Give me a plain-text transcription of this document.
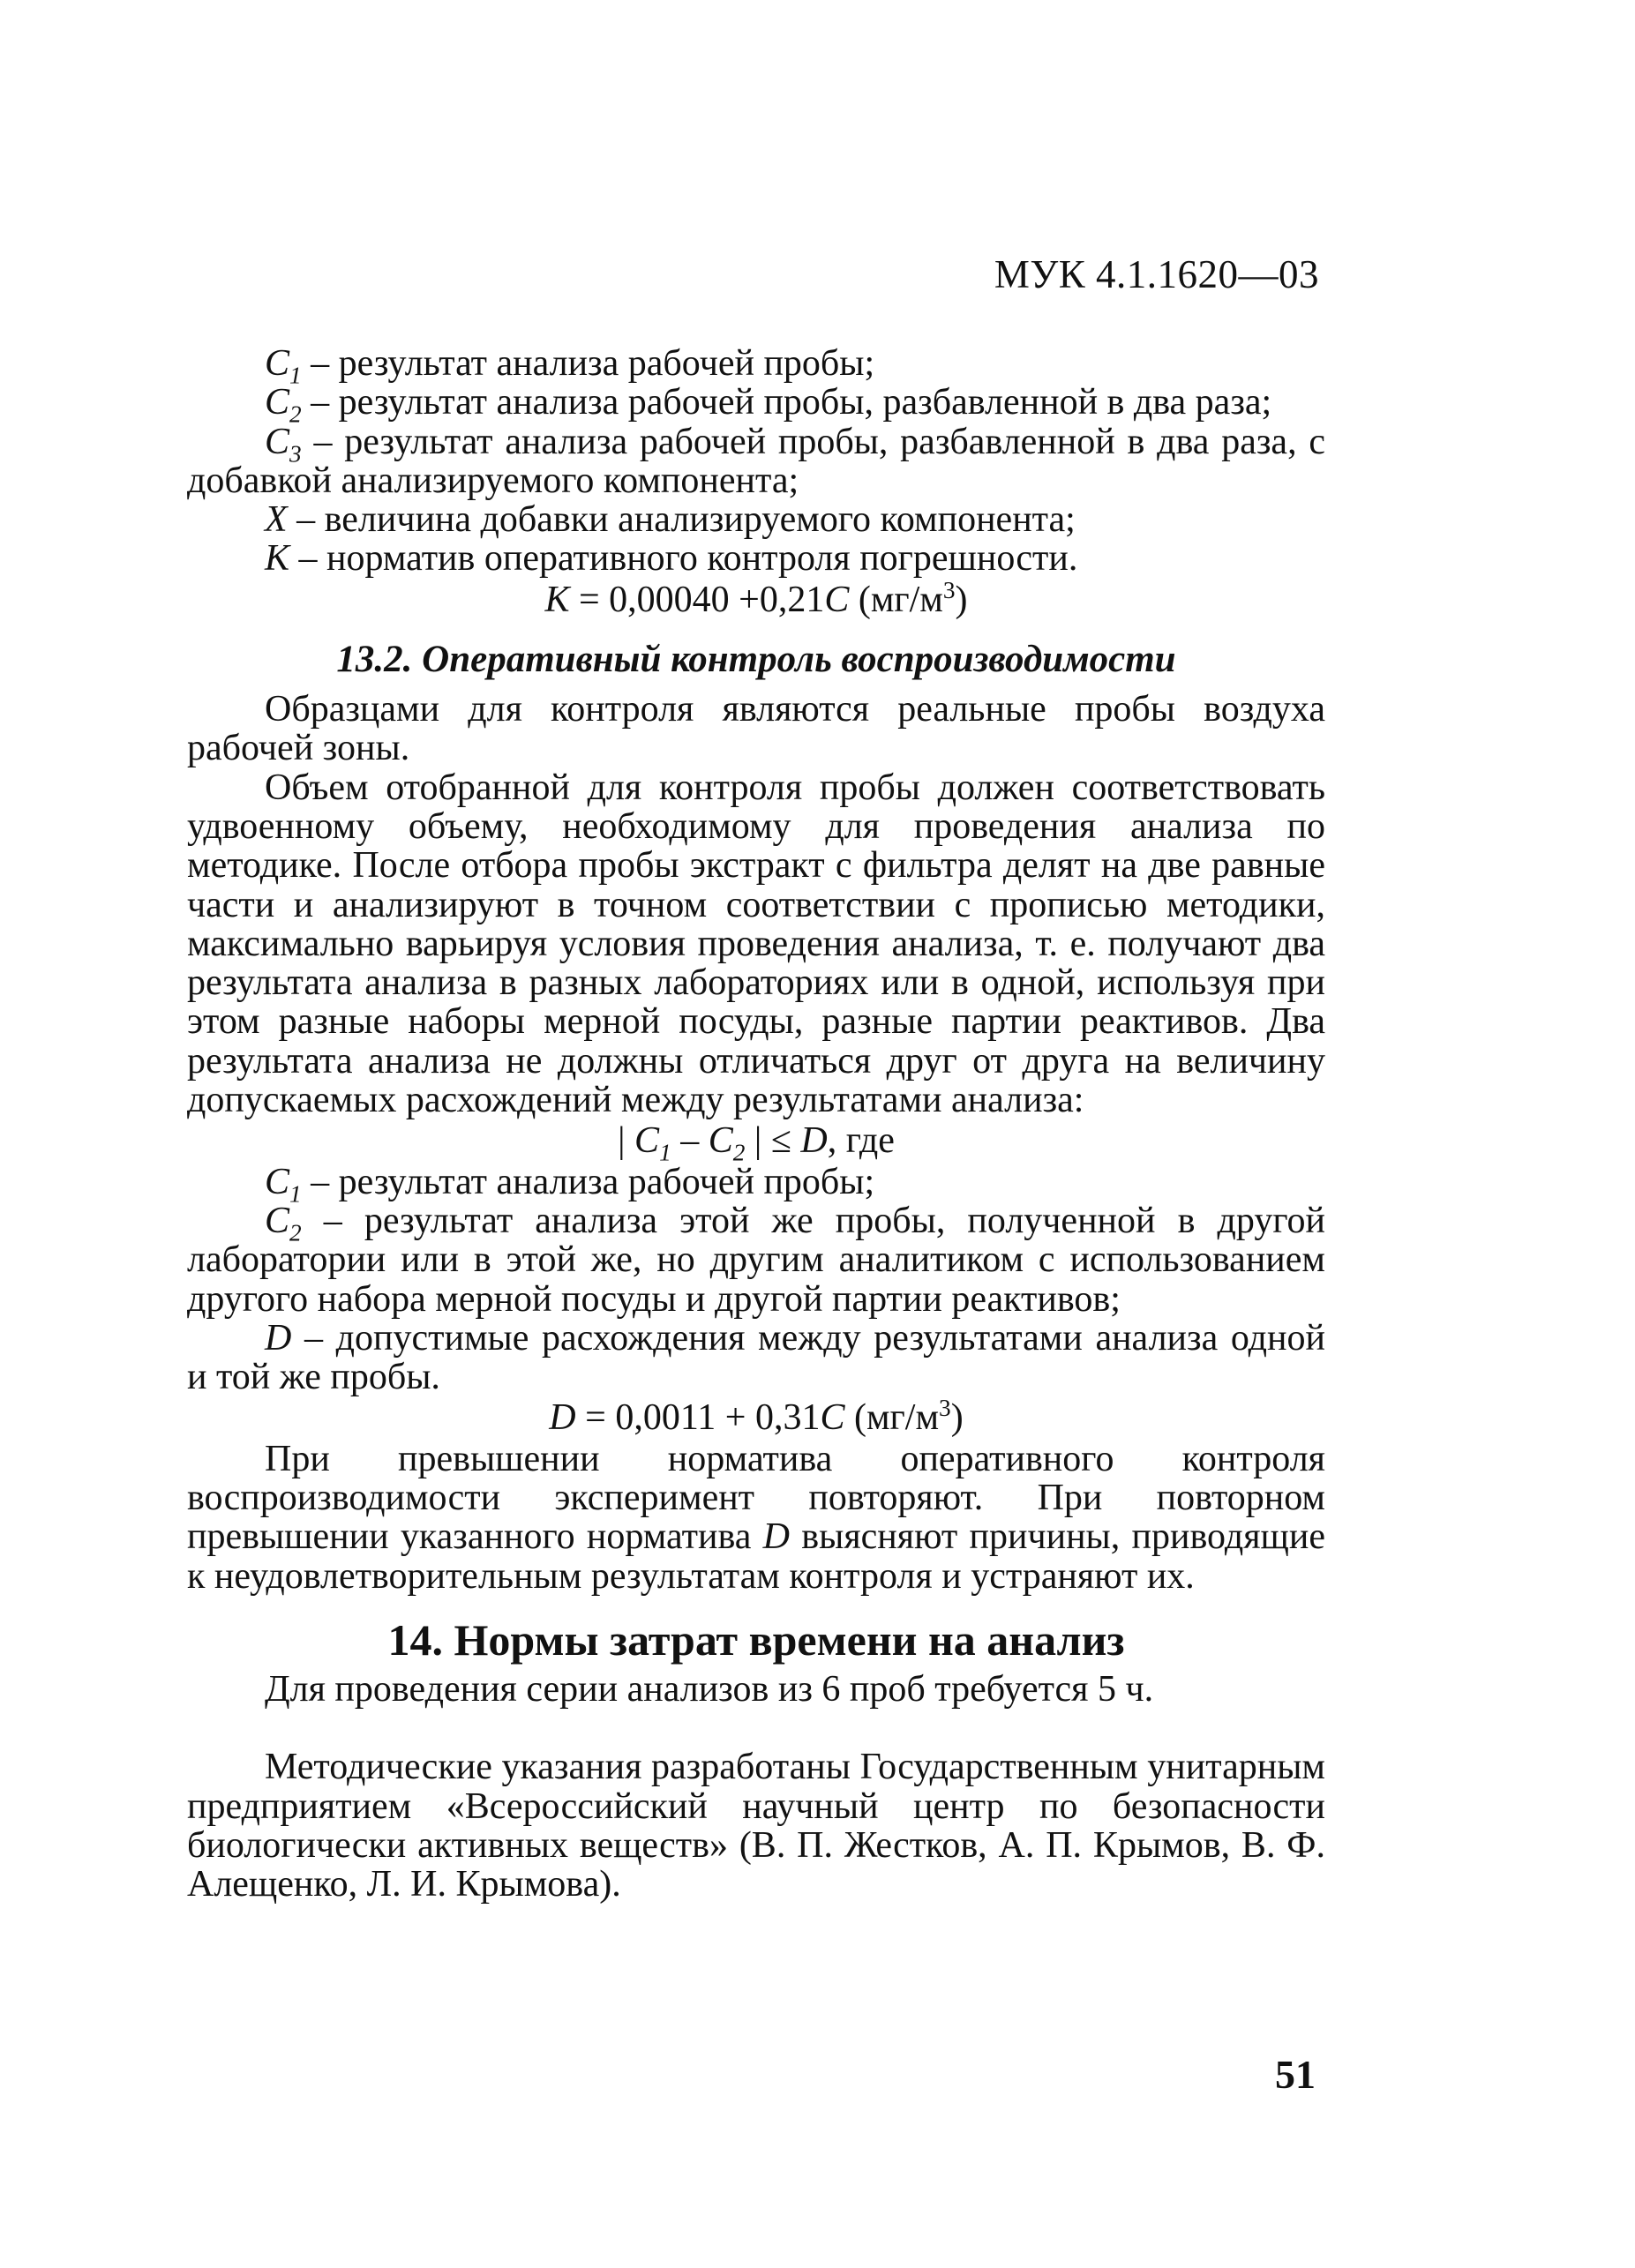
МУК 4.1.1620—03

$C_1$ – результат анализа рабочей пробы;

$C_2$ – результат анализа рабочей пробы, разбавленной в два раза;

$C_3$ – результат анализа рабочей пробы, разбавленной в два раза, с добавкой анализируемого компонента;

X – величина добавки анализируемого компонента;

K – норматив оперативного контроля погрешности.

K = 0,00040 +0,21C $(мг/м^3)$

13.2. Оперативный контроль воспроизводимости

Образцами для контроля являются реальные пробы воздуха рабочей зоны.

Объем отобранной для контроля пробы должен соответствовать удвоенному объему, необходимому для проведения анализа по методике. После отбора пробы экстракт с фильтра делят на две равные части и анализируют в точном соответствии с прописью методики, максимально варьируя условия проведения анализа, т. е. получают два результата анализа в разных лабораториях или в одной, используя при этом разные наборы мерной посуды, разные партии реактивов. Два результата анализа не должны отличаться друг от друга на величину допускаемых расхождений между результатами анализа:

| $C_1 - C_2$ | ≤ D, где

$C_1$ – результат анализа рабочей пробы;

$C_2$ – результат анализа этой же пробы, полученной в другой лаборатории или в этой же, но другим аналитиком с использованием другого набора мерной посуды и другой партии реактивов;

D – допустимые расхождения между результатами анализа одной и той же пробы.

D = 0,0011 + 0,31C $(мг/м^3)$

При превышении норматива оперативного контроля воспроизводимости эксперимент повторяют. При повторном превышении указанного норматива D выясняют причины, приводящие к неудовлетворительным результатам контроля и устраняют их.

14. Нормы затрат времени на анализ

Для проведения серии анализов из 6 проб требуется 5 ч.

Методические указания разработаны Государственным унитарным предприятием «Всероссийский научный центр по безопасности биологически активных веществ» (В. П. Жестков, А. П. Крымов, В. Ф. Алещенко, Л. И. Крымова).

51
